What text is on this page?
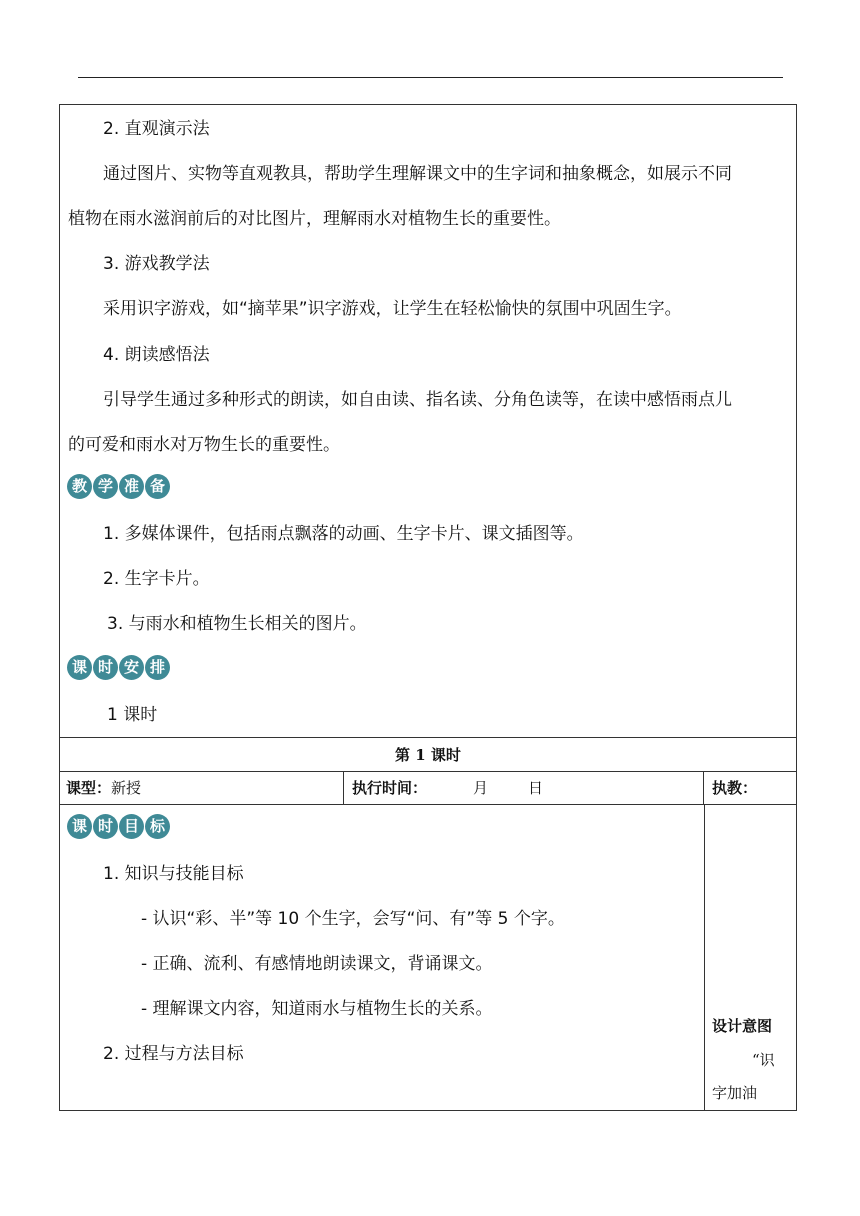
2. 直观演示法
通过图片、实物等直观教具，帮助学生理解课文中的生字词和抽象概念，如展示不同
植物在雨水滋润前后的对比图片，理解雨水对植物生长的重要性。
3. 游戏教学法
采用识字游戏，如“摘苹果”识字游戏，让学生在轻松愉快的氛围中巩固生字。
4. 朗读感悟法
引导学生通过多种形式的朗读，如自由读、指名读、分角色读等，在读中感悟雨点儿
的可爱和雨水对万物生长的重要性。
教 学 准 备
1. 多媒体课件，包括雨点飘落的动画、生字卡片、课文插图等。
2. 生字卡片。
3. 与雨水和植物生长相关的图片。
课 时 安 排
1 课时
第 1 课时
课型：新授	执行时间：	月	日	执教：
课 时 目 标
1. 知识与技能目标
- 认识“彩、半”等 10 个生字，会写“问、有”等 5 个字。
- 正确、流利、有感情地朗读课文，背诵课文。
- 理解课文内容，知道雨水与植物生长的关系。
2. 过程与方法目标
设计意图
“识
字加油
